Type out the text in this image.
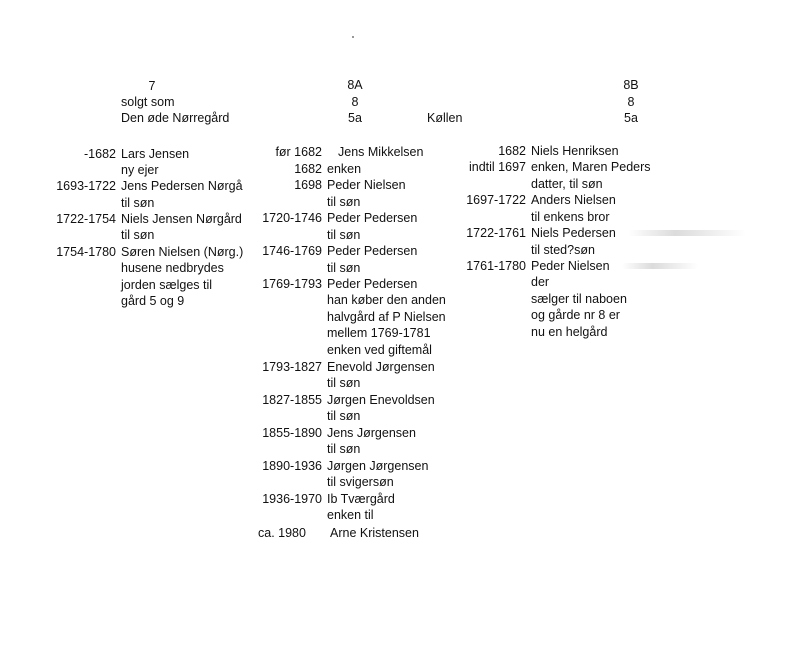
7
solgt som
Den øde Nørregård
8A
8
5a	Køllen
8B
8
5a
-1682 Lars Jensen
ny ejer
1693-1722 Jens Pedersen Nørgå
til søn
1722-1754 Niels Jensen Nørgård
til søn
1754-1780 Søren Nielsen (Nørg.)
husene nedbrydes
jorden sælges til
gård 5 og 9
før 1682 Jens Mikkelsen
1682 enken
1698 Peder Nielsen
til søn
1720-1746 Peder Pedersen
til søn
1746-1769 Peder Pedersen
til søn
1769-1793 Peder Pedersen
han køber den anden
halvgård af P Nielsen
mellem 1769-1781
enken ved giftemål
1793-1827 Enevold Jørgensen
til søn
1827-1855 Jørgen Enevoldsen
til søn
1855-1890 Jens Jørgensen
til søn
1890-1936 Jørgen Jørgensen
til svigersøn
1936-1970 Ib Tværgård
enken til
ca. 1980 Arne Kristensen
1682 Niels Henriksen
indtil 1697 enken, Maren Peders
datter, til søn
1697-1722 Anders Nielsen
til enkens bror
1722-1761 Niels Pedersen
til sted?søn
1761-1780 Peder Nielsen
der
sælger til naboen
og gårde nr 8 er
nu en helgård
